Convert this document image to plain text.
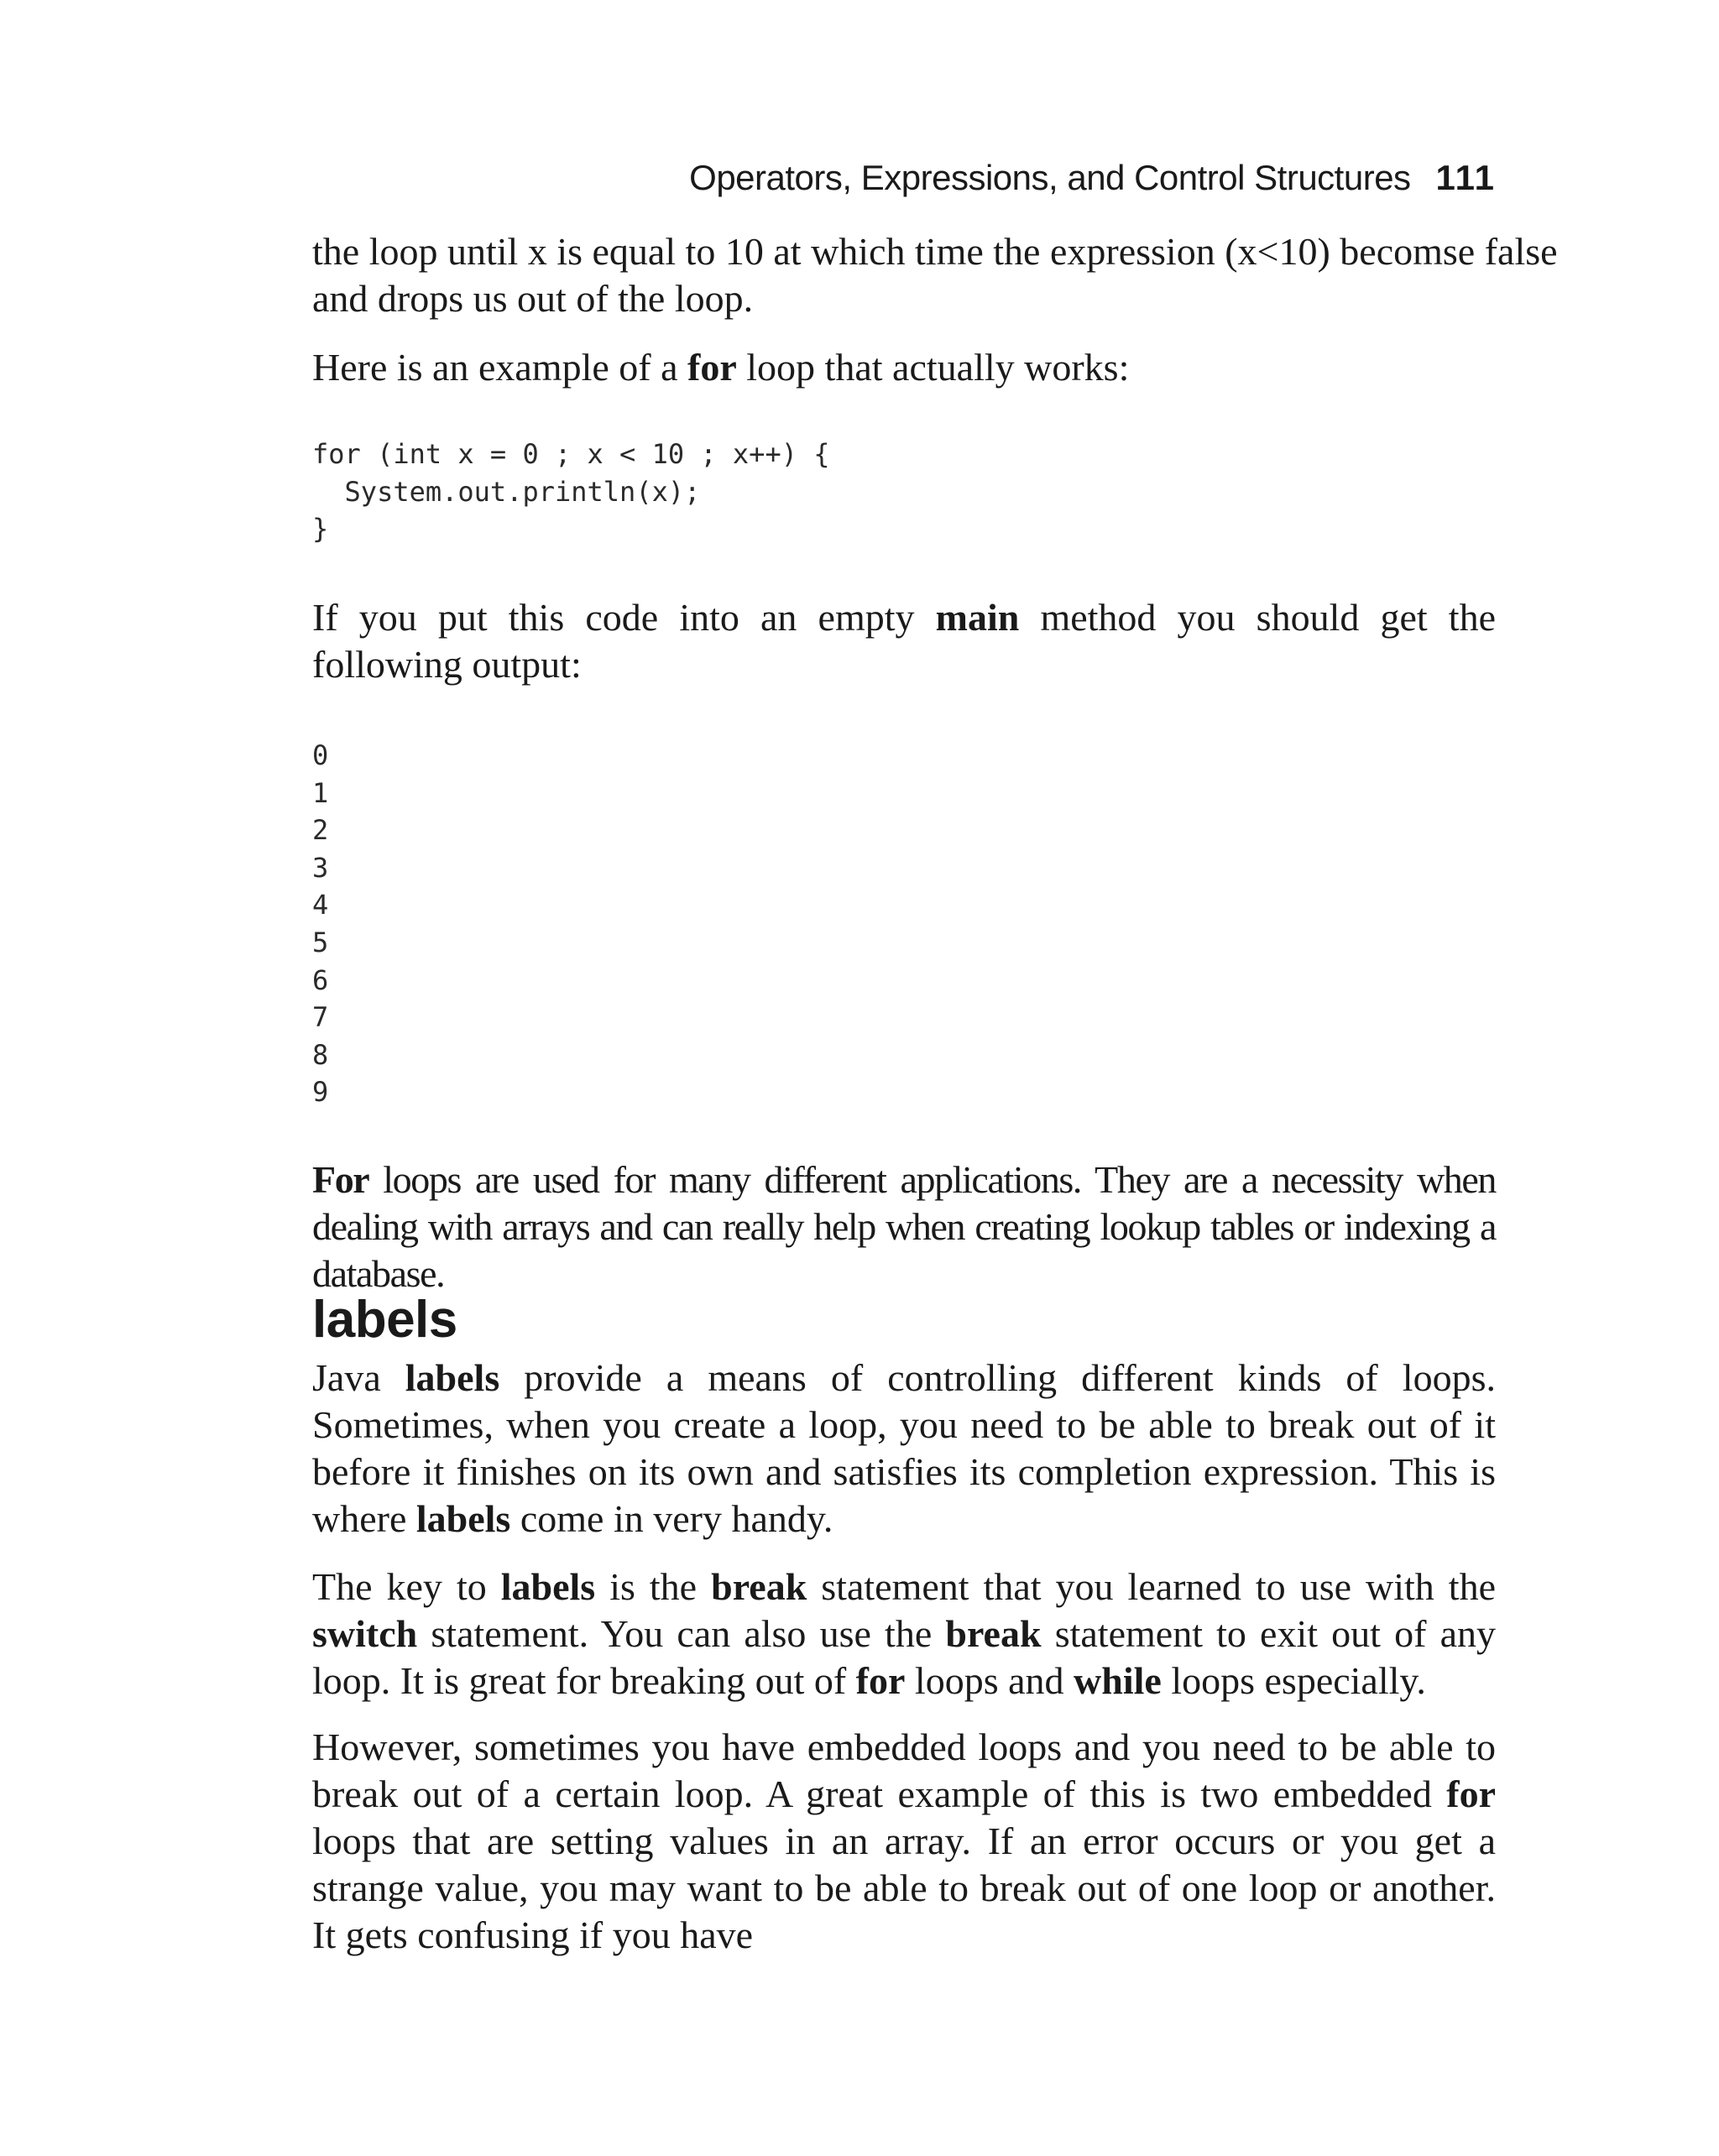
Operators, Expressions, and Control Structures 111

the loop until x is equal to 10 at which time the expression (x<10) becomse false

and drops us out of the loop.

Here is an example of a for loop that actually works:

for (int x = 0 ; x < 10 ; x++) {
System.out.println(x);
}

If you put this code into an empty main method you should get the following output:

0
1
2
3
4
5
6
7
8
9

For loops are used for many different applications. They are a necessity when dealing with arrays and can really help when creating lookup tables or indexing a database.

labels

Java labels provide a means of controlling different kinds of loops. Sometimes, when you create a loop, you need to be able to break out of it before it finishes on its own and satisfies its completion expression. This is where labels come in very handy.

The key to labels is the break statement that you learned to use with the switch statement. You can also use the break statement to exit out of any loop. It is great for breaking out of for loops and while loops especially.

However, sometimes you have embedded loops and you need to be able to break out of a certain loop. A great example of this is two embedded for loops that are setting values in an array. If an error occurs or you get a strange value, you may want to be able to break out of one loop or another. It gets confusing if you have
